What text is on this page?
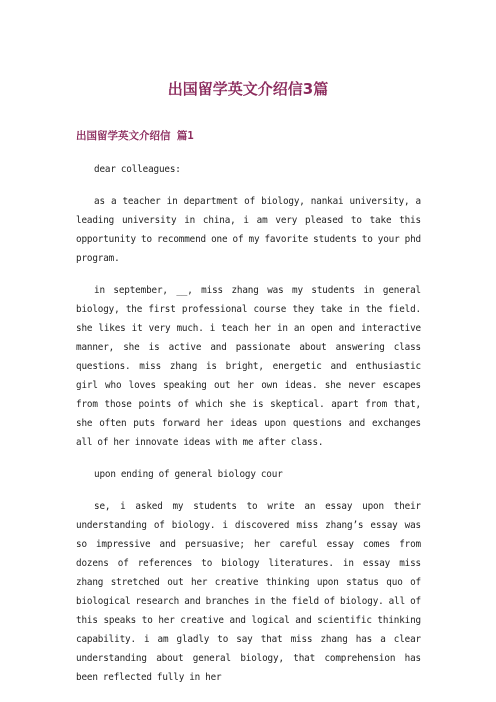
出国留学英文介绍信3篇
出国留学英文介绍信 篇1

dear colleagues:

as a teacher in department of biology, nankai university, a leading university in china, i am very pleased to take this opportunity to recommend one of my favorite students to your phd program.

in september, __, miss zhang was my students in general biology, the first professional course they take in the field. she likes it very much. i teach her in an open and interactive manner, she is active and passionate about answering class questions. miss zhang is bright, energetic and enthusiastic girl who loves speaking out her own ideas. she never escapes from those points of which she is skeptical. apart from that, she often puts forward her ideas upon questions and exchanges all of her innovate ideas with me after class.

upon ending of general biology cour

se, i asked my students to write an essay upon their understanding of biology. i discovered miss zhang’s essay was so impressive and persuasive; her careful essay comes from dozens of references to biology literatures. in essay miss zhang stretched out her creative thinking upon status quo of biological research and branches in the field of biology. all of this speaks to her creative and logical and scientific thinking capability. i am gladly to say that miss zhang has a clear understanding about general biology, that comprehension has been reflected fully in her
